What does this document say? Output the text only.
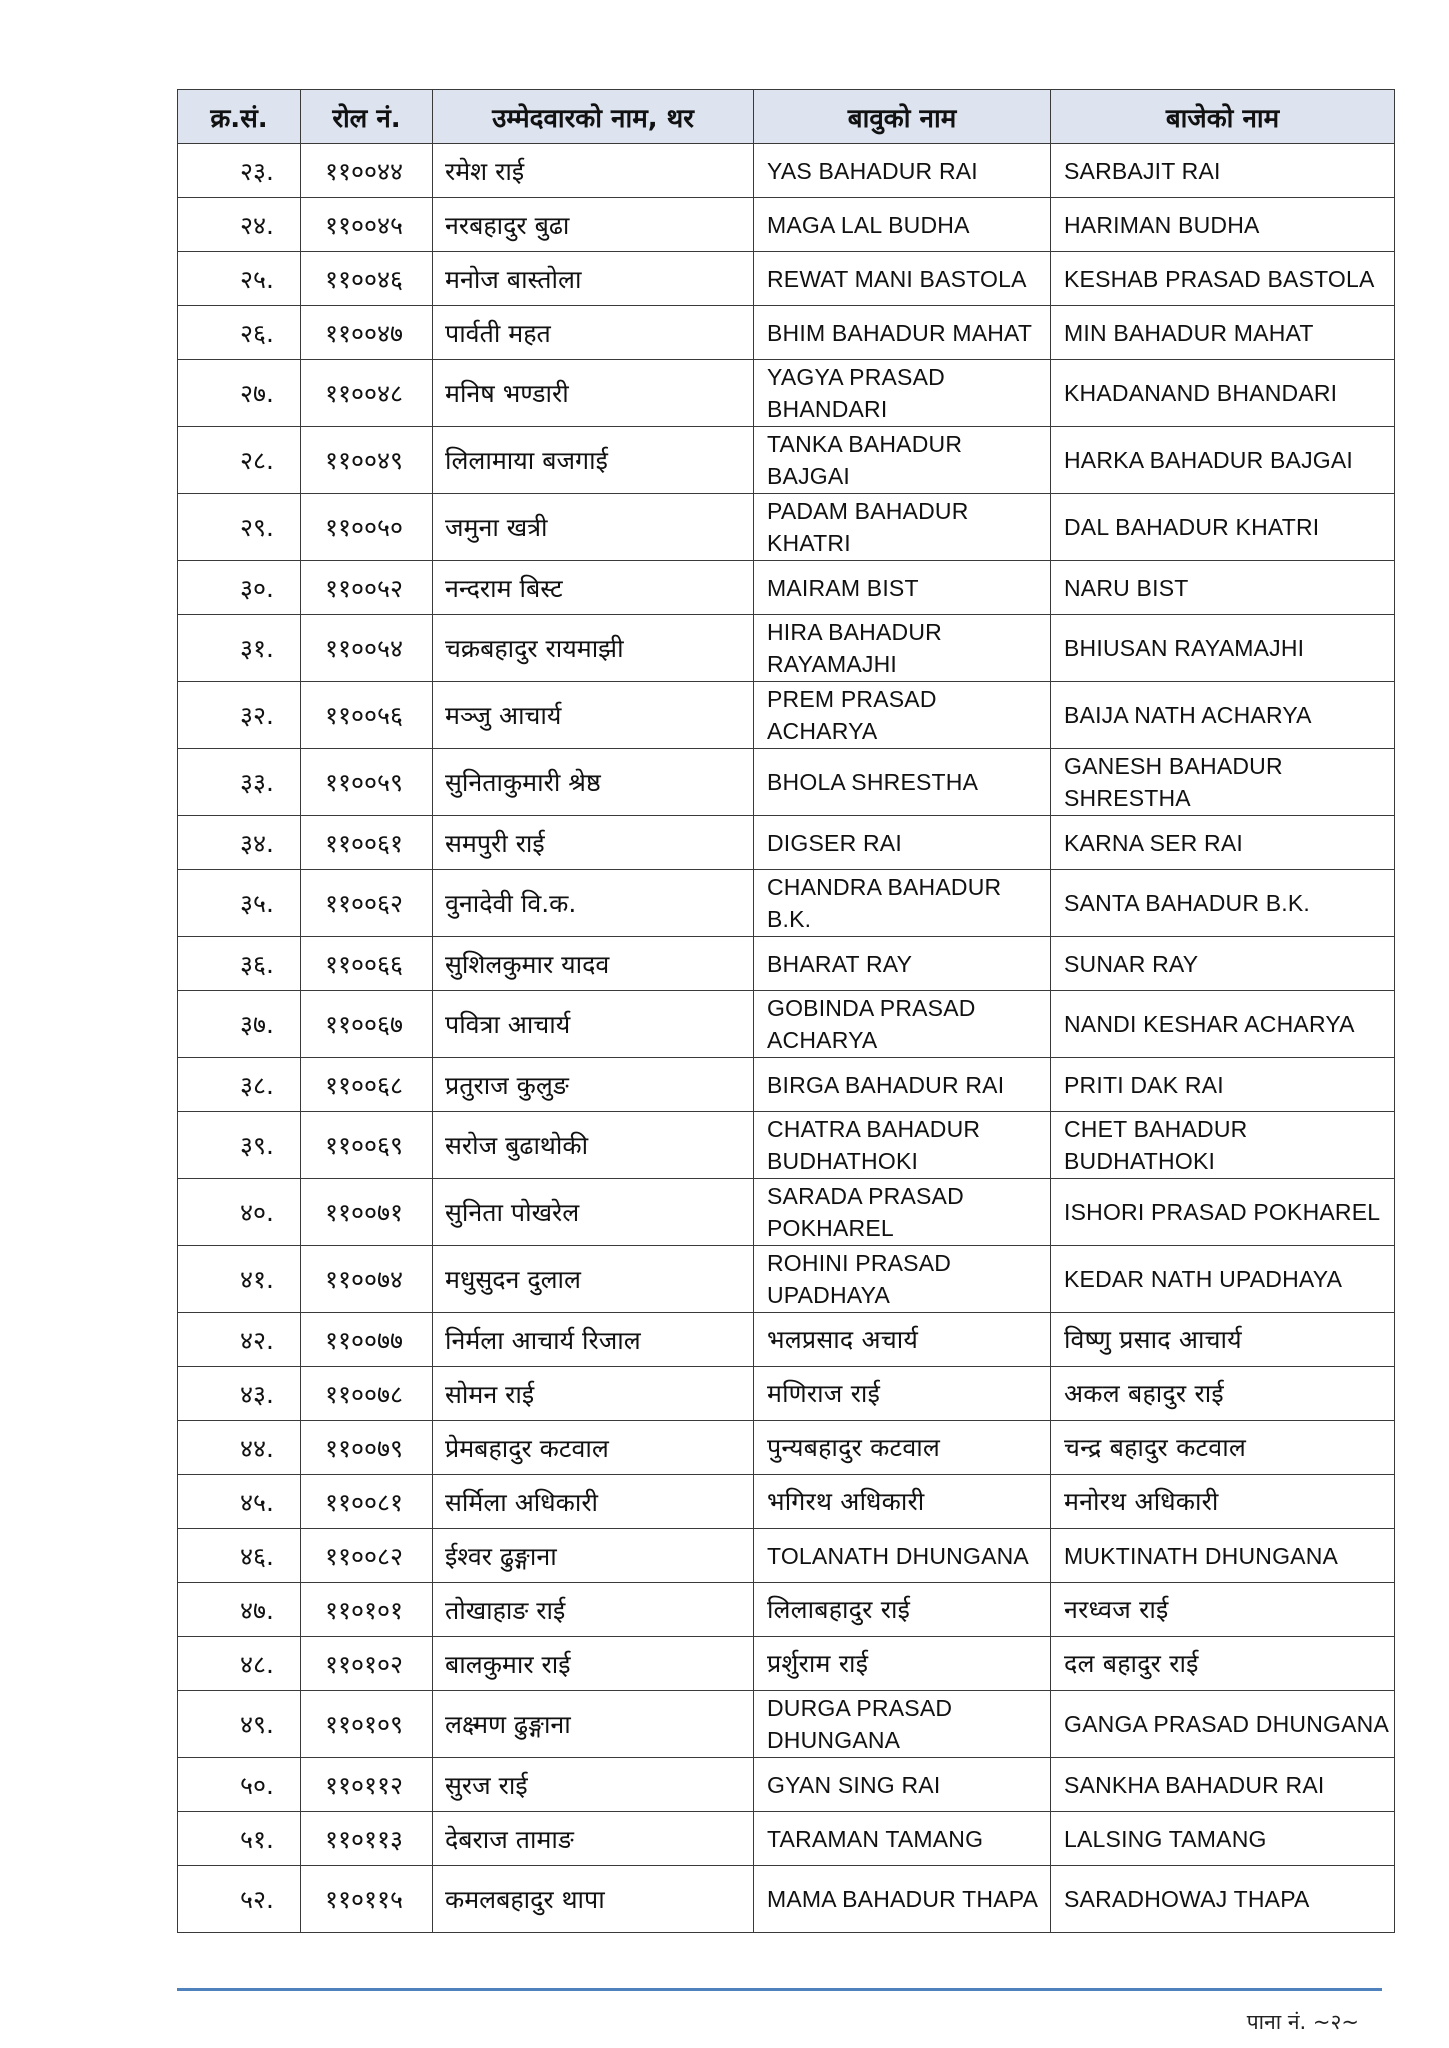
क्र.सं.	रोल नं.	उम्मेदवारको नाम, थर	बावुको नाम	बाजेको नाम
२३.	११००४४	रमेश राई	YAS BAHADUR RAI	SARBAJIT RAI
२४.	११००४५	नरबहादुर बुढा	MAGA LAL BUDHA	HARIMAN BUDHA
२५.	११००४६	मनोज बास्तोला	REWAT MANI BASTOLA	KESHAB PRASAD BASTOLA
२६.	११००४७	पार्वती महत	BHIM BAHADUR MAHAT	MIN BAHADUR MAHAT
२७.	११००४८	मनिष भण्डारी	YAGYA PRASAD BHANDARI	KHADANAND BHANDARI
२८.	११००४९	लिलामाया बजगाई	TANKA BAHADUR BAJGAI	HARKA BAHADUR BAJGAI
२९.	११००५०	जमुना खत्री	PADAM BAHADUR KHATRI	DAL BAHADUR KHATRI
३०.	११००५२	नन्दराम बिस्ट	MAIRAM BIST	NARU BIST
३१.	११००५४	चक्रबहादुर रायमाझी	HIRA BAHADUR RAYAMAJHI	BHIUSAN RAYAMAJHI
३२.	११००५६	मञ्जु आचार्य	PREM PRASAD ACHARYA	BAIJA NATH ACHARYA
३३.	११००५९	सुनिताकुमारी श्रेष्ठ	BHOLA SHRESTHA	GANESH BAHADUR SHRESTHA
३४.	११००६१	समपुरी राई	DIGSER RAI	KARNA SER RAI
३५.	११००६२	वुनादेवी वि.क.	CHANDRA BAHADUR B.K.	SANTA BAHADUR B.K.
३६.	११००६६	सुशिलकुमार यादव	BHARAT RAY	SUNAR RAY
३७.	११००६७	पवित्रा आचार्य	GOBINDA PRASAD ACHARYA	NANDI KESHAR ACHARYA
३८.	११००६८	प्रतुराज कुलुङ	BIRGA BAHADUR RAI	PRITI DAK RAI
३९.	११००६९	सरोज बुढाथोकी	CHATRA BAHADUR BUDHATHOKI	CHET BAHADUR BUDHATHOKI
४०.	११००७१	सुनिता पोखरेल	SARADA PRASAD POKHAREL	ISHORI PRASAD POKHAREL
४१.	११००७४	मधुसुदन दुलाल	ROHINI PRASAD UPADHAYA	KEDAR NATH UPADHAYA
४२.	११००७७	निर्मला आचार्य रिजाल	भलप्रसाद अचार्य	विष्णु प्रसाद आचार्य
४३.	११००७८	सोमन राई	मणिराज राई	अकल बहादुर राई
४४.	११००७९	प्रेमबहादुर कटवाल	पुन्यबहादुर कटवाल	चन्द्र बहादुर कटवाल
४५.	११००८१	सर्मिला अधिकारी	भगिरथ अधिकारी	मनोरथ अधिकारी
४६.	११००८२	ईश्वर ढुङ्गाना	TOLANATH DHUNGANA	MUKTINATH DHUNGANA
४७.	११०१०१	तोखाहाङ राई	लिलाबहादुर राई	नरध्वज राई
४८.	११०१०२	बालकुमार राई	प्रर्शुराम राई	दल बहादुर राई
४९.	११०१०९	लक्ष्मण ढुङ्गाना	DURGA PRASAD DHUNGANA	GANGA PRASAD DHUNGANA
५०.	११०११२	सुरज राई	GYAN SING RAI	SANKHA BAHADUR RAI
५१.	११०११३	देबराज तामाङ	TARAMAN TAMANG	LALSING TAMANG
५२.	११०११५	कमलबहादुर थापा	MAMA BAHADUR THAPA	SARADHOWAJ THAPA
पाना नं. ~२~
